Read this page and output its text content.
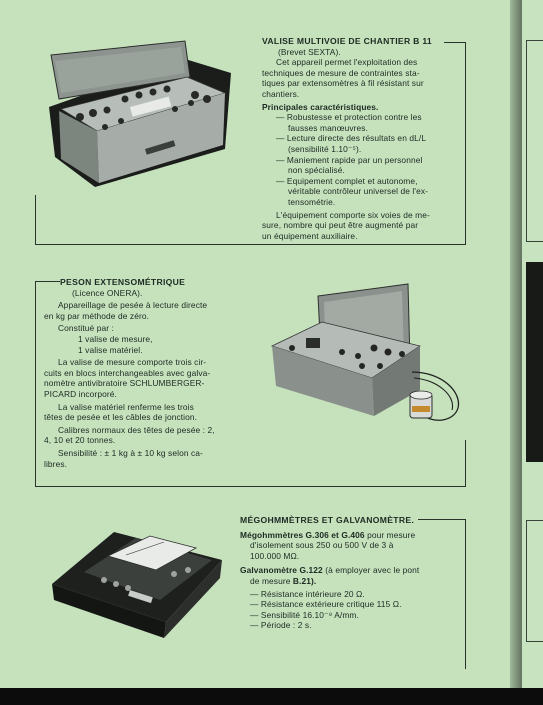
VALISE MULTIVOIE DE CHANTIER B 11

(Brevet SEXTA).

Cet appareil permet l'exploitation des

techniques de mesure de contraintes sta-

tiques par extensomètres à fil résistant sur

chantiers.

Principales caractéristiques.

— Robustesse et protection contre les

fausses manœuvres.

— Lecture directe des résultats en dL/L

(sensibilité 1.10⁻⁵).

— Maniement rapide par un personnel

non spécialisé.

— Equipement complet et autonome,

véritable contrôleur universel de l'ex-

tensométrie.

L'équipement comporte six voies de me-

sure, nombre qui peut être augmenté par

un équipement auxiliaire.

PESON EXTENSOMÉTRIQUE

(Licence ONERA).

Appareillage de pesée à lecture directe

en kg par méthode de zéro.

Constitué par :

1 valise de mesure,

1 valise matériel.

La valise de mesure comporte trois cir-

cuits en blocs interchangeables avec galva-

nomètre antivibratoire SCHLUMBERGER-

PICARD incorporé.

La valise matériel renferme les trois

têtes de pesée et les câbles de jonction.

Calibres normaux des têtes de pesée : 2,

4, 10 et 20 tonnes.

Sensibilité : ± 1 kg à ± 10 kg selon ca-

libres.

MÉGOHMMÈTRES ET GALVANOMÈTRE.

Mégohmmètres G.306 et G.406 pour mesure

d'isolement sous 250 ou 500 V de 3 à

100.000 MΩ.

Galvanomètre G.122 (à employer avec le pont

de mesure B.21).

— Résistance intérieure 20 Ω.

— Résistance extérieure critique 115 Ω.

— Sensibilité 16.10⁻⁹ A/mm.

— Période : 2 s.
